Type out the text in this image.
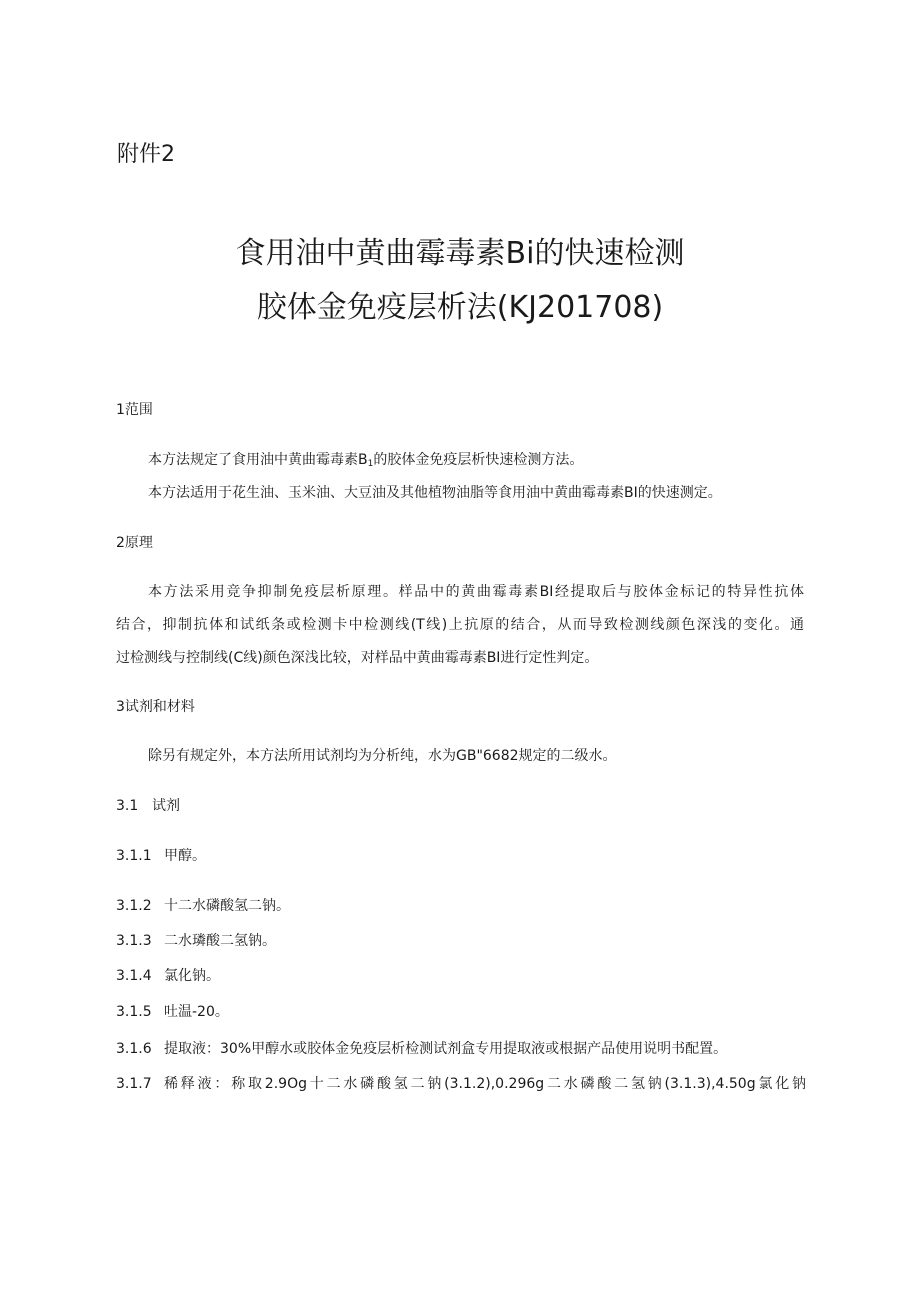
附件2
食用油中黄曲霉毒素Bi的快速检测
胶体金免疫层析法(KJ201708)
1范围
本方法规定了食用油中黄曲霉毒素$B_1$的胶体金免疫层析快速检测方法。
本方法适用于花生油、玉米油、大豆油及其他植物油脂等食用油中黄曲霉毒素BI的快速测定。
2原理
本方法采用竞争抑制免疫层析原理。样品中的黄曲霉毒素BI经提取后与胶体金标记的特异性抗体
结合，抑制抗体和试纸条或检测卡中检测线(T线)上抗原的结合，从而导致检测线颜色深浅的变化。通
过检测线与控制线(C线)颜色深浅比较，对样品中黄曲霉毒素BI进行定性判定。
3试剂和材料
除另有规定外，本方法所用试剂均为分析纯，水为GB"6682规定的二级水。
3.1 试剂
3.1.1 甲醇。
3.1.2 十二水磷酸氢二钠。
3.1.3 二水璘酸二氢钠。
3.1.4 氯化钠。
3.1.5 吐温-20。
3.1.6 提取液：30%甲醇水或胶体金免疫层析检测试剂盒专用提取液或根据产品使用说明书配置。
3.1.7 稀释液：称取2.9Og十二水磷酸氢二钠(3.1.2),0.296g二水磷酸二氢钠(3.1.3),4.50g氯化钠
